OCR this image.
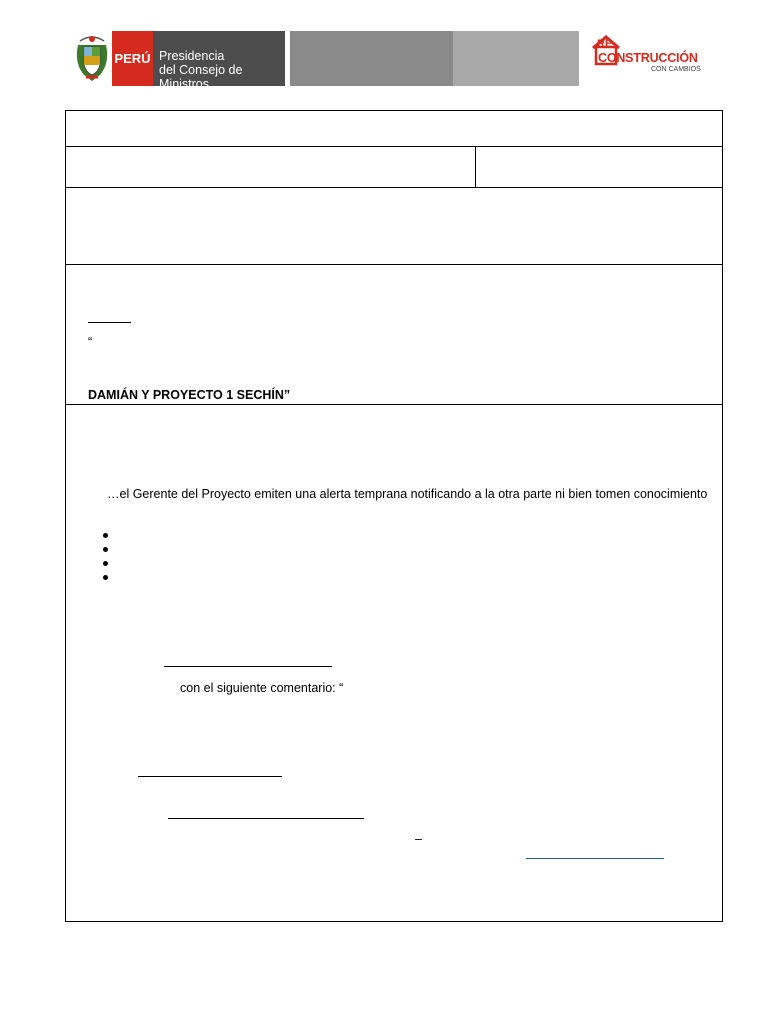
PERÚ Presidencia
del Consejo de Ministros
RE
CONSTRUCCIÓN
CON CAMBIOS
“
DAMIÁN Y PROYECTO 1 SECHÍN”
…el Gerente del Proyecto emiten una alerta temprana notificando a la otra parte ni bien tomen conocimiento
con el siguiente comentario: “
–
